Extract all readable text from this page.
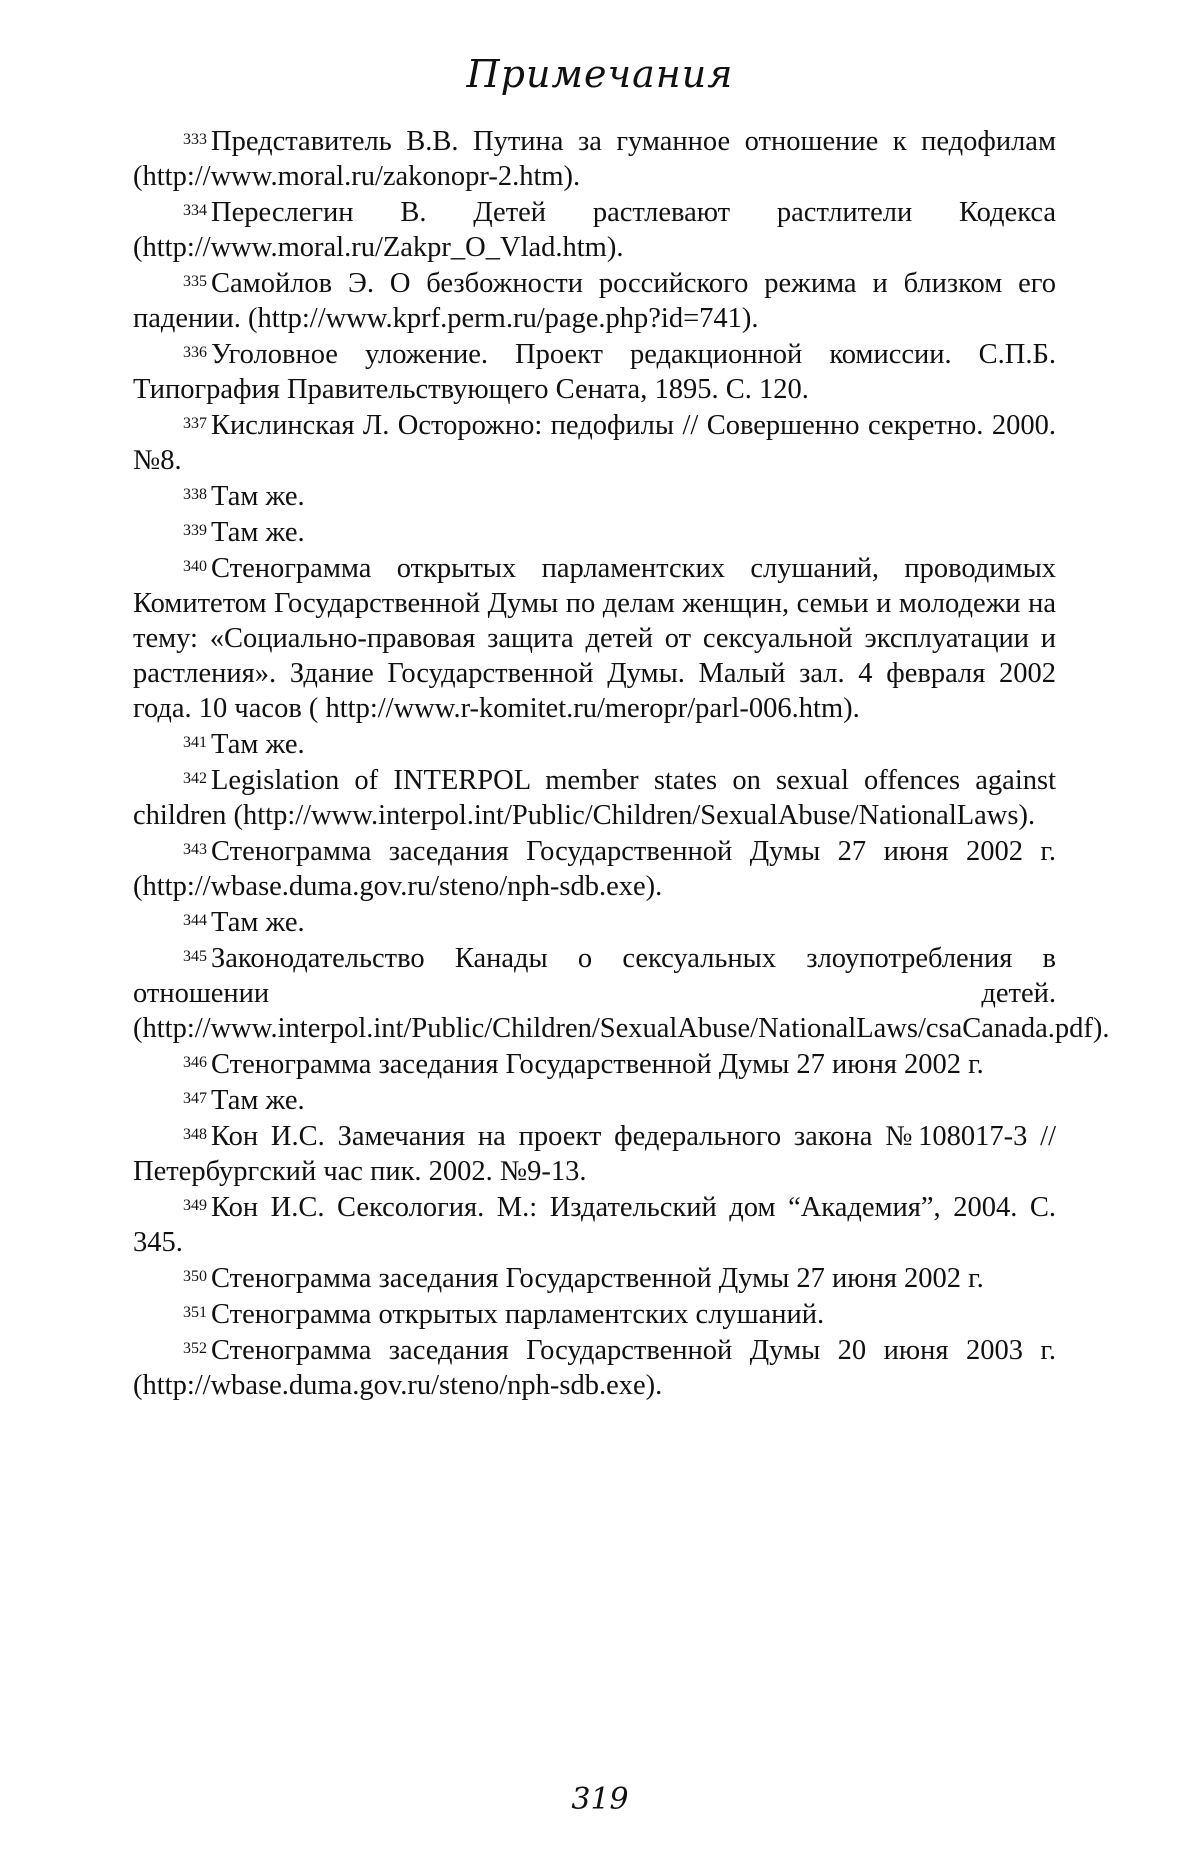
Примечания

$^{333}$ Представитель В.В. Путина за гуманное отношение к педофилам (http://www.moral.ru/zakonopr-2.htm).

$^{334}$ Переслегин В. Детей растлевают растлители Кодекса (http://www.moral.ru/Zakpr_O_Vlad.htm).

$^{335}$ Самойлов Э. О безбожности российского режима и близком его падении. (http://www.kprf.perm.ru/page.php?id=741).

$^{336}$ Уголовное уложение. Проект редакционной комиссии. С.П.Б. Типография Правительствующего Сената, 1895. С. 120.

$^{337}$ Кислинская Л. Осторожно: педофилы // Совершенно секретно. 2000. №8.

$^{338}$ Там же.

$^{339}$ Там же.

$^{340}$ Стенограмма открытых парламентских слушаний, проводимых Комитетом Государственной Думы по делам женщин, семьи и молодежи на тему: «Социально-правовая защита детей от сексуальной эксплуатации и растления». Здание Государственной Думы. Малый зал. 4 февраля 2002 года. 10 часов ( http://www.r-komitet.ru/meropr/parl-006.htm).

$^{341}$ Там же.

$^{342}$ Legislation of INTERPOL member states on sexual offences against children (http://www.interpol.int/Public/Children/SexualAbuse/NationalLaws).

$^{343}$ Стенограмма заседания Государственной Думы 27 июня 2002 г. (http://wbase.duma.gov.ru/steno/nph-sdb.exe).

$^{344}$ Там же.

$^{345}$ Законодательство Канады о сексуальных злоупотребления в отношении детей. (http://www.interpol.int/Public/Children/SexualAbuse/NationalLaws/csaCanada.pdf).

$^{346}$ Стенограмма заседания Государственной Думы 27 июня 2002 г.

$^{347}$ Там же.

$^{348}$ Кон И.С. Замечания на проект федерального закона №108017-3 // Петербургский час пик. 2002. №9-13.

$^{349}$ Кон И.С. Сексология. М.: Издательский дом “Академия”, 2004. С. 345.

$^{350}$ Стенограмма заседания Государственной Думы 27 июня 2002 г.

$^{351}$ Стенограмма открытых парламентских слушаний.

$^{352}$ Стенограмма заседания Государственной Думы 20 июня 2003 г. (http://wbase.duma.gov.ru/steno/nph-sdb.exe).

319
